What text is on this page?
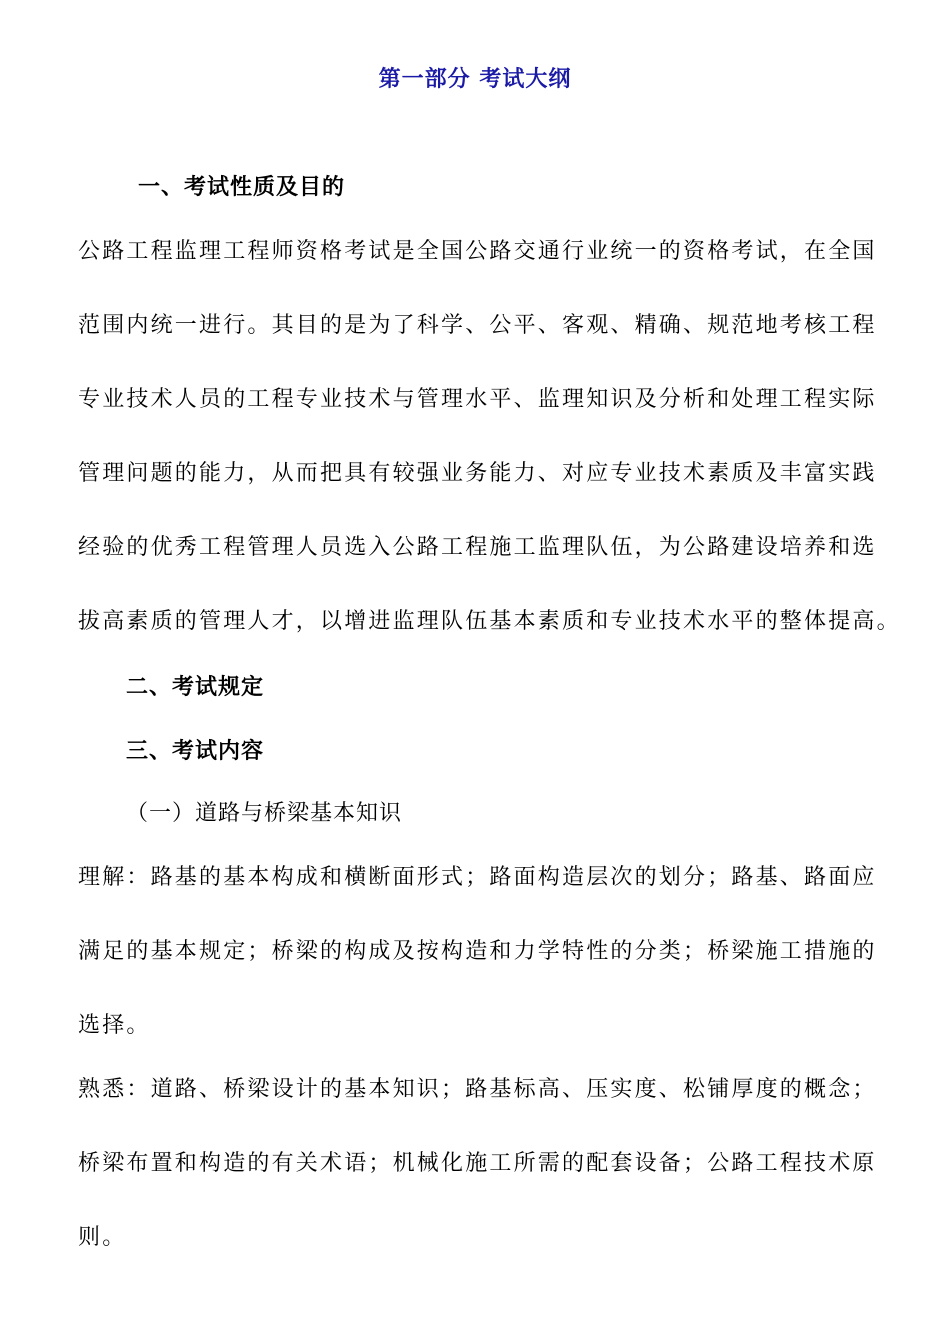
第一部分 考试大纲
一、考试性质及目的
公路工程监理工程师资格考试是全国公路交通行业统一的资格考试，在全国
范围内统一进行。其目的是为了科学、公平、客观、精确、规范地考核工程
专业技术人员的工程专业技术与管理水平、监理知识及分析和处理工程实际
管理问题的能力，从而把具有较强业务能力、对应专业技术素质及丰富实践
经验的优秀工程管理人员选入公路工程施工监理队伍，为公路建设培养和选
拔高素质的管理人才，以增进监理队伍基本素质和专业技术水平的整体提高。
二、考试规定
三、考试内容
（一）道路与桥梁基本知识
理解：路基的基本构成和横断面形式；路面构造层次的划分；路基、路面应
满足的基本规定；桥梁的构成及按构造和力学特性的分类；桥梁施工措施的
选择。
熟悉：道路、桥梁设计的基本知识；路基标高、压实度、松铺厚度的概念；
桥梁布置和构造的有关术语；机械化施工所需的配套设备；公路工程技术原
则。
